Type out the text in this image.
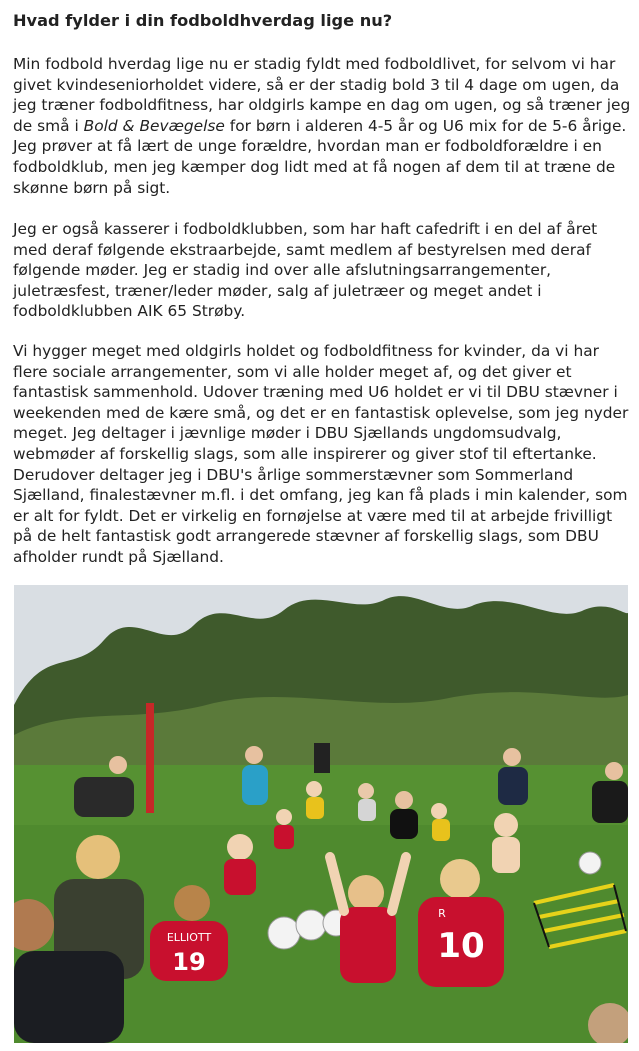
Hvad fylder i din fodboldhverdag lige nu?

Min fodbold hverdag lige nu er stadig fyldt med fodboldlivet, for selvom vi har givet kvindeseniorholdet videre, så er der stadig bold 3 til 4 dage om ugen, da jeg træner fodboldfitness, har oldgirls kampe en dag om ugen, og så træner jeg de små i Bold & Bevægelse for børn i alderen 4-5 år og U6 mix for de 5-6 årige. Jeg prøver at få lært de unge forældre, hvordan man er fodboldforældre i en fodboldklub, men jeg kæmper dog lidt med at få nogen af dem til at træne de skønne børn på sigt.

Jeg er også kasserer i fodboldklubben, som har haft cafedrift i en del af året med deraf følgende ekstraarbejde, samt medlem af bestyrelsen med deraf følgende møder. Jeg er stadig ind over alle afslutningsarrangementer, juletræsfest, træner/leder møder, salg af juletræer og meget andet i fodboldklubben AIK 65 Strøby.

Vi hygger meget med oldgirls holdet og fodboldfitness for kvinder, da vi har flere sociale arrangementer, som vi alle holder meget af, og det giver et fantastisk sammenhold. Udover træning med U6 holdet er vi til DBU stævner i weekenden med de kære små, og det er en fantastisk oplevelse, som jeg nyder meget. Jeg deltager i jævnlige møder i DBU Sjællands ungdomsudvalg, webmøder af forskellig slags, som alle inspirerer og giver stof til eftertanke. Derudover deltager jeg i DBU's årlige sommerstævner som Sommerland Sjælland, finalestævner m.fl. i det omfang, jeg kan få plads i min kalender, som er alt for fyldt. Det er virkelig en fornøjelse at være med til at arbejde frivilligt på de helt fantastisk godt arrangerede stævner af forskellig slags, som DBU afholder rundt på Sjælland.

ELLIOTT
19
R
10
